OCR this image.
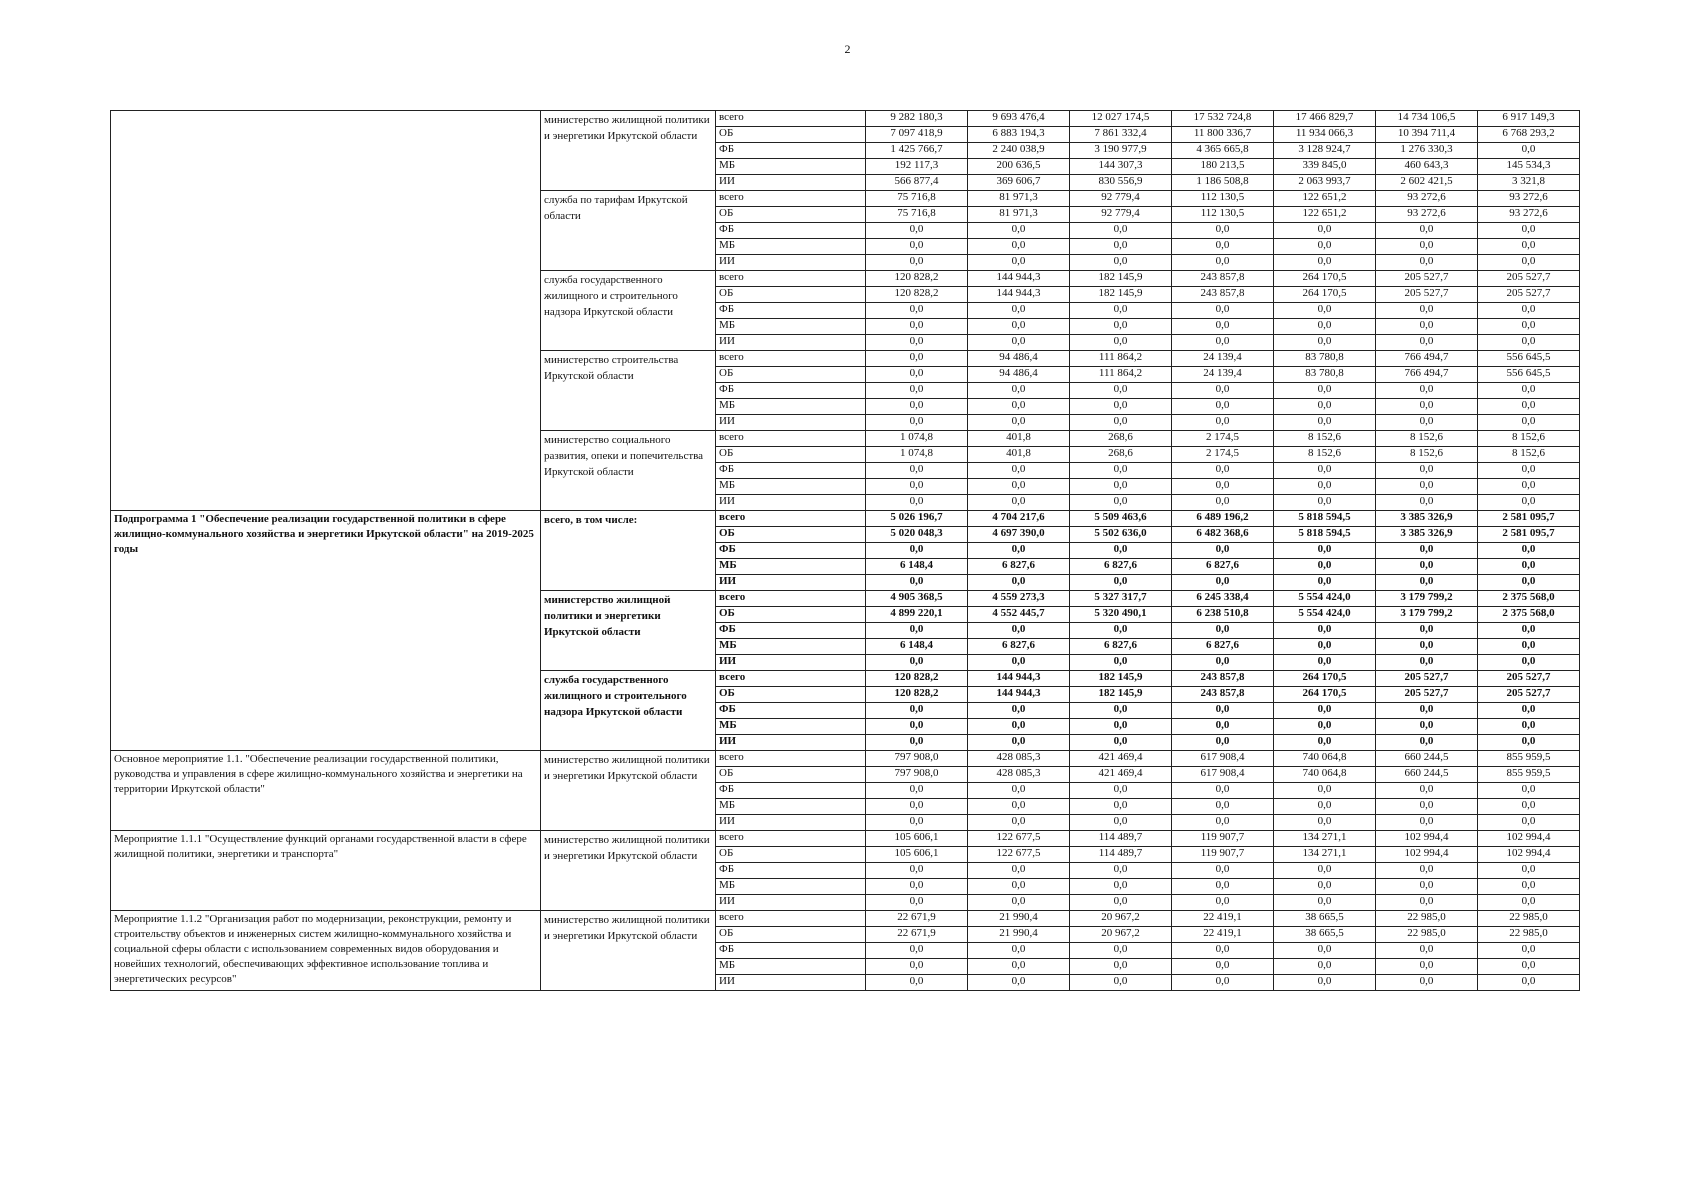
2
	министерство жилищной политики и энергетики Иркутской области	всего	9 282 180,3	9 693 476,4	12 027 174,5	17 532 724,8	17 466 829,7	14 734 106,5	6 917 149,3
		ОБ	7 097 418,9	6 883 194,3	7 861 332,4	11 800 336,7	11 934 066,3	10 394 711,4	6 768 293,2
		ФБ	1 425 766,7	2 240 038,9	3 190 977,9	4 365 665,8	3 128 924,7	1 276 330,3	0,0
		МБ	192 117,3	200 636,5	144 307,3	180 213,5	339 845,0	460 643,3	145 534,3
		ИИ	566 877,4	369 606,7	830 556,9	1 186 508,8	2 063 993,7	2 602 421,5	3 321,8
	служба по тарифам Иркутской области	всего	75 716,8	81 971,3	92 779,4	112 130,5	122 651,2	93 272,6	93 272,6
		ОБ	75 716,8	81 971,3	92 779,4	112 130,5	122 651,2	93 272,6	93 272,6
		ФБ	0,0	0,0	0,0	0,0	0,0	0,0	0,0
		МБ	0,0	0,0	0,0	0,0	0,0	0,0	0,0
		ИИ	0,0	0,0	0,0	0,0	0,0	0,0	0,0
	служба государственного жилищного и строительного надзора Иркутской области	всего	120 828,2	144 944,3	182 145,9	243 857,8	264 170,5	205 527,7	205 527,7
		ОБ	120 828,2	144 944,3	182 145,9	243 857,8	264 170,5	205 527,7	205 527,7
		ФБ	0,0	0,0	0,0	0,0	0,0	0,0	0,0
		МБ	0,0	0,0	0,0	0,0	0,0	0,0	0,0
		ИИ	0,0	0,0	0,0	0,0	0,0	0,0	0,0
	министерство строительства Иркутской области	всего	0,0	94 486,4	111 864,2	24 139,4	83 780,8	766 494,7	556 645,5
		ОБ	0,0	94 486,4	111 864,2	24 139,4	83 780,8	766 494,7	556 645,5
		ФБ	0,0	0,0	0,0	0,0	0,0	0,0	0,0
		МБ	0,0	0,0	0,0	0,0	0,0	0,0	0,0
		ИИ	0,0	0,0	0,0	0,0	0,0	0,0	0,0
	министерство социального развития, опеки и попечительства Иркутской области	всего	1 074,8	401,8	268,6	2 174,5	8 152,6	8 152,6	8 152,6
		ОБ	1 074,8	401,8	268,6	2 174,5	8 152,6	8 152,6	8 152,6
		ФБ	0,0	0,0	0,0	0,0	0,0	0,0	0,0
		МБ	0,0	0,0	0,0	0,0	0,0	0,0	0,0
		ИИ	0,0	0,0	0,0	0,0	0,0	0,0	0,0
Подпрограмма 1 "Обеспечение реализации государственной политики в сфере жилищно-коммунального хозяйства и энергетики Иркутской области" на 2019-2025 годы	всего, в том числе:	всего	5 026 196,7	4 704 217,6	5 509 463,6	6 489 196,2	5 818 594,5	3 385 326,9	2 581 095,7
		ОБ	5 020 048,3	4 697 390,0	5 502 636,0	6 482 368,6	5 818 594,5	3 385 326,9	2 581 095,7
		ФБ	0,0	0,0	0,0	0,0	0,0	0,0	0,0
		МБ	6 148,4	6 827,6	6 827,6	6 827,6	0,0	0,0	0,0
		ИИ	0,0	0,0	0,0	0,0	0,0	0,0	0,0
	министерство жилищной политики и энергетики Иркутской области	всего	4 905 368,5	4 559 273,3	5 327 317,7	6 245 338,4	5 554 424,0	3 179 799,2	2 375 568,0
		ОБ	4 899 220,1	4 552 445,7	5 320 490,1	6 238 510,8	5 554 424,0	3 179 799,2	2 375 568,0
		ФБ	0,0	0,0	0,0	0,0	0,0	0,0	0,0
		МБ	6 148,4	6 827,6	6 827,6	6 827,6	0,0	0,0	0,0
		ИИ	0,0	0,0	0,0	0,0	0,0	0,0	0,0
	служба государственного жилищного и строительного надзора Иркутской области	всего	120 828,2	144 944,3	182 145,9	243 857,8	264 170,5	205 527,7	205 527,7
		ОБ	120 828,2	144 944,3	182 145,9	243 857,8	264 170,5	205 527,7	205 527,7
		ФБ	0,0	0,0	0,0	0,0	0,0	0,0	0,0
		МБ	0,0	0,0	0,0	0,0	0,0	0,0	0,0
		ИИ	0,0	0,0	0,0	0,0	0,0	0,0	0,0
Основное мероприятие 1.1. "Обеспечение реализации государственной политики, руководства и управления в сфере жилищно-коммунального хозяйства и энергетики на территории Иркутской области"	министерство жилищной политики и энергетики Иркутской области	всего	797 908,0	428 085,3	421 469,4	617 908,4	740 064,8	660 244,5	855 959,5
		ОБ	797 908,0	428 085,3	421 469,4	617 908,4	740 064,8	660 244,5	855 959,5
		ФБ	0,0	0,0	0,0	0,0	0,0	0,0	0,0
		МБ	0,0	0,0	0,0	0,0	0,0	0,0	0,0
		ИИ	0,0	0,0	0,0	0,0	0,0	0,0	0,0
Мероприятие 1.1.1 "Осуществление функций органами государственной власти в сфере жилищной политики, энергетики и транспорта"	министерство жилищной политики и энергетики Иркутской области	всего	105 606,1	122 677,5	114 489,7	119 907,7	134 271,1	102 994,4	102 994,4
		ОБ	105 606,1	122 677,5	114 489,7	119 907,7	134 271,1	102 994,4	102 994,4
		ФБ	0,0	0,0	0,0	0,0	0,0	0,0	0,0
		МБ	0,0	0,0	0,0	0,0	0,0	0,0	0,0
		ИИ	0,0	0,0	0,0	0,0	0,0	0,0	0,0
Мероприятие 1.1.2 "Организация работ по модернизации, реконструкции, ремонту и строительству объектов и инженерных систем жилищно-коммунального хозяйства и социальной сферы области с использованием современных видов оборудования и новейших технологий, обеспечивающих эффективное использование топлива и энергетических ресурсов"	министерство жилищной политики и энергетики Иркутской области	всего	22 671,9	21 990,4	20 967,2	22 419,1	38 665,5	22 985,0	22 985,0
		ОБ	22 671,9	21 990,4	20 967,2	22 419,1	38 665,5	22 985,0	22 985,0
		ФБ	0,0	0,0	0,0	0,0	0,0	0,0	0,0
		МБ	0,0	0,0	0,0	0,0	0,0	0,0	0,0
		ИИ	0,0	0,0	0,0	0,0	0,0	0,0	0,0
